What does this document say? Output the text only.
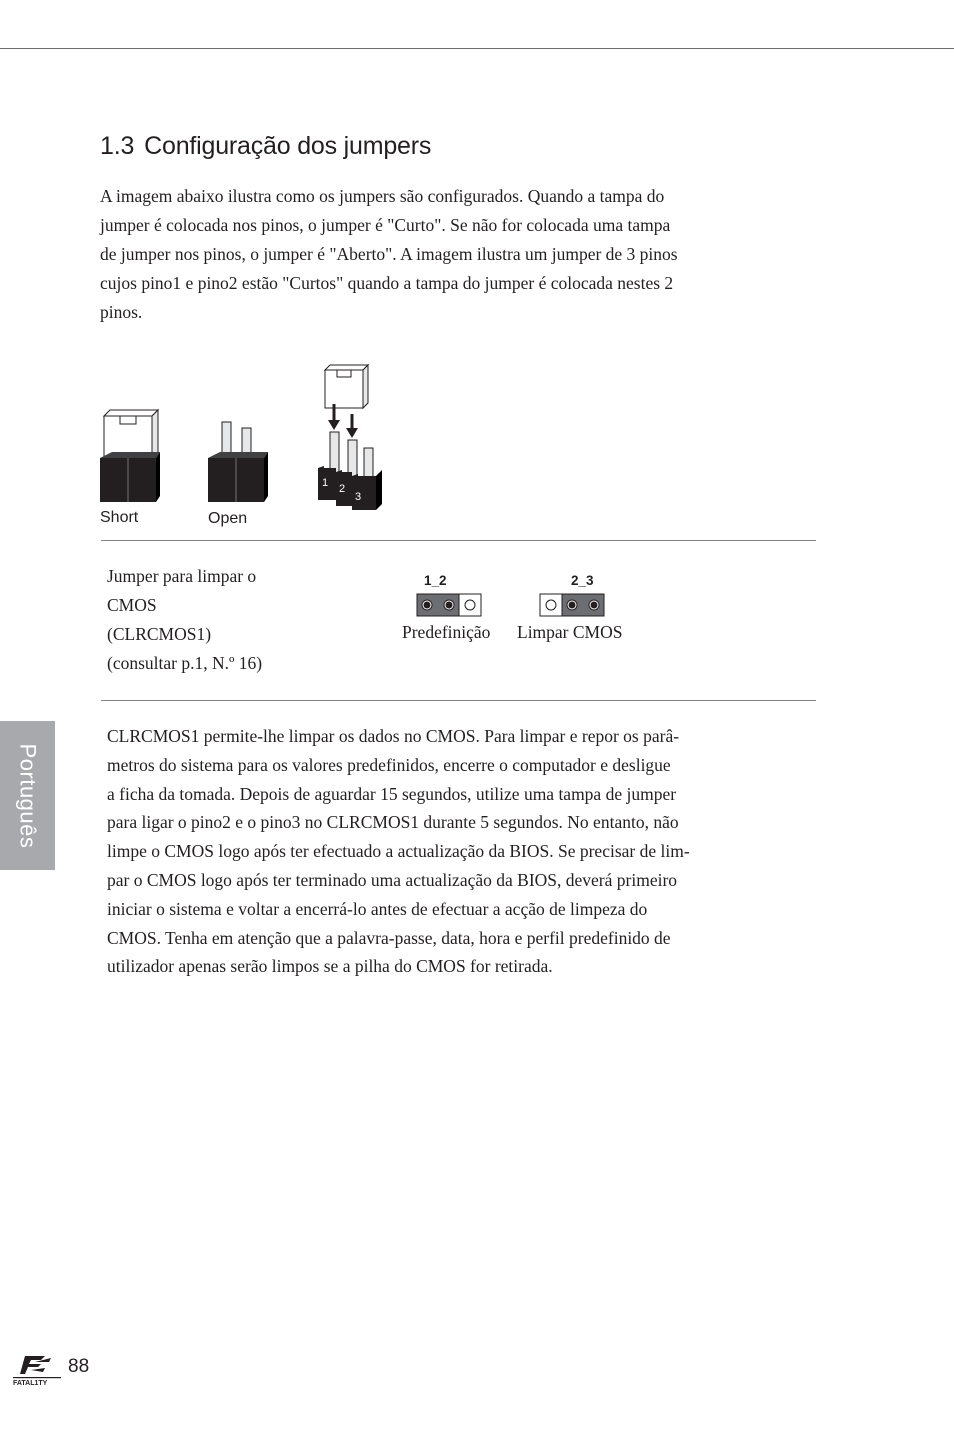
1.3 Configuração dos jumpers

A imagem abaixo ilustra como os jumpers são configurados. Quando a tampa do
jumper é colocada nos pinos, o jumper é "Curto". Se não for colocada uma tampa
de jumper nos pinos, o jumper é "Aberto". A imagem ilustra um jumper de 3 pinos
cujos pino1 e pino2 estão "Curtos" quando a tampa do jumper é colocada nestes 2
pinos.

Short	Open
1 2
3

Jumper para limpar o
CMOS
(CLRCMOS1)
(consultar p.1, N.º 16)

1_2
Predefinição
2_3
Limpar CMOS

CLRCMOS1 permite-lhe limpar os dados no CMOS. Para limpar e repor os parâ-
metros do sistema para os valores predefinidos, encerre o computador e desligue
a ficha da tomada. Depois de aguardar 15 segundos, utilize uma tampa de jumper
para ligar o pino2 e o pino3 no CLRCMOS1 durante 5 segundos. No entanto, não
limpe o CMOS logo após ter efectuado a actualização da BIOS. Se precisar de lim-
par o CMOS logo após ter terminado uma actualização da BIOS, deverá primeiro
iniciar o sistema e voltar a encerrá-lo antes de efectuar a acção de limpeza do
CMOS. Tenha em atenção que a palavra-passe, data, hora e perfil predefinido de
utilizador apenas serão limpos se a pilha do CMOS for retirada.

Português
FATAL1TY
88
